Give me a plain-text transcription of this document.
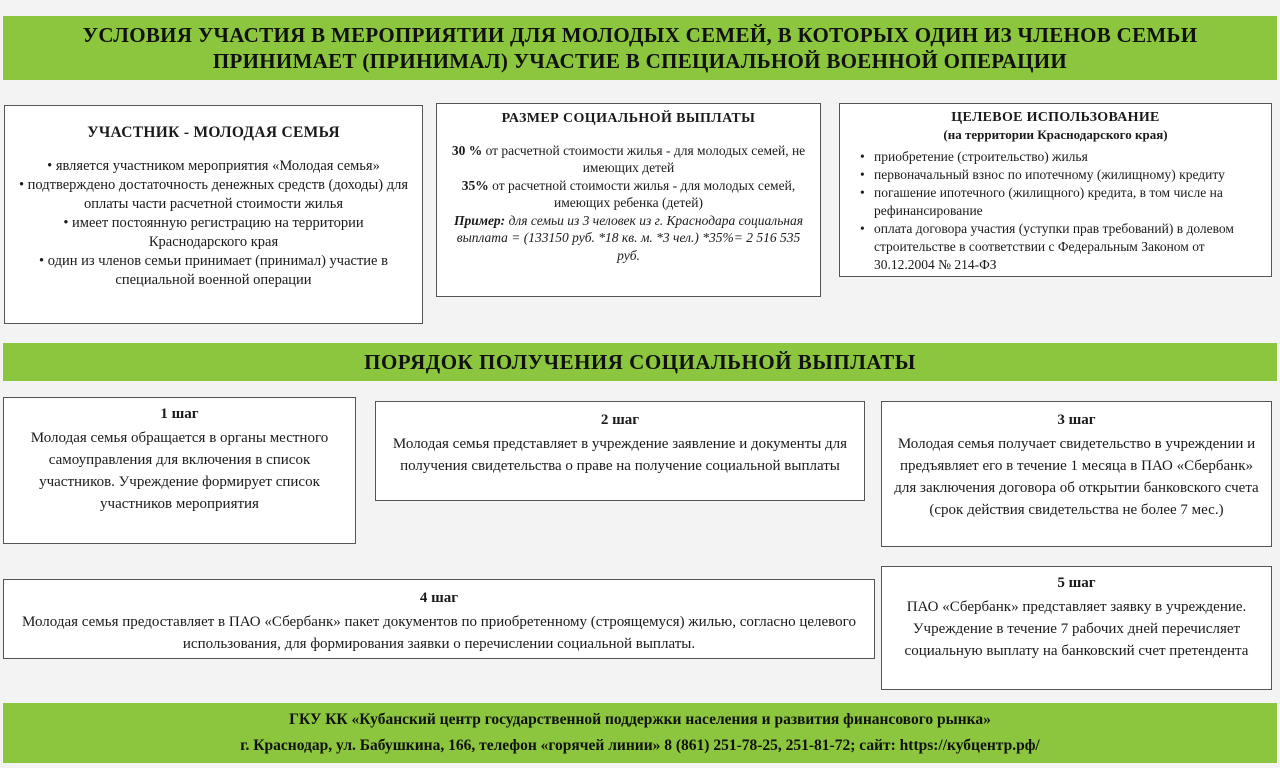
УСЛОВИЯ УЧАСТИЯ В МЕРОПРИЯТИИ ДЛЯ МОЛОДЫХ СЕМЕЙ, В КОТОРЫХ ОДИН ИЗ ЧЛЕНОВ СЕМЬИ
ПРИНИМАЕТ (ПРИНИМАЛ) УЧАСТИЕ В СПЕЦИАЛЬНОЙ ВОЕННОЙ ОПЕРАЦИИ
УЧАСТНИК - МОЛОДАЯ СЕМЬЯ
• является участником мероприятия «Молодая семья»
• подтверждено достаточность денежных средств (доходы) для оплаты части расчетной стоимости жилья
• имеет постоянную регистрацию на территории Краснодарского края
• один из членов семьи принимает (принимал) участие в специальной военной операции
РАЗМЕР СОЦИАЛЬНОЙ ВЫПЛАТЫ
30 % от расчетной стоимости жилья - для молодых семей, не имеющих детей
35% от расчетной стоимости жилья - для молодых семей, имеющих ребенка (детей)
Пример: для семьи из 3 человек из г. Краснодара социальная выплата = (133150 руб. *18 кв. м. *3 чел.) *35%= 2 516 535 руб.
ЦЕЛЕВОЕ ИСПОЛЬЗОВАНИЕ
(на территории Краснодарского края)
• приобретение (строительство) жилья
• первоначальный взнос по ипотечному (жилищному) кредиту
• погашение ипотечного (жилищного) кредита, в том числе на рефинансирование
• оплата договора участия (уступки прав требований) в долевом строительстве в соответствии с Федеральным Законом от 30.12.2004 № 214-ФЗ
ПОРЯДОК ПОЛУЧЕНИЯ СОЦИАЛЬНОЙ ВЫПЛАТЫ
1 шаг
Молодая семья обращается в органы местного самоуправления для включения в список участников. Учреждение формирует список участников мероприятия
2 шаг
Молодая семья представляет в учреждение заявление и документы для получения свидетельства о праве на получение социальной выплаты
3 шаг
Молодая семья получает свидетельство в учреждении и предъявляет его в течение 1 месяца в ПАО «Сбербанк» для заключения договора об открытии банковского счета (срок действия свидетельства не более 7 мес.)
4 шаг
Молодая семья предоставляет в ПАО «Сбербанк» пакет документов по приобретенному (строящемуся) жилью, согласно целевого использования, для формирования заявки о перечислении социальной выплаты.
5 шаг
ПАО «Сбербанк» представляет заявку в учреждение. Учреждение в течение 7 рабочих дней перечисляет социальную выплату на банковский счет претендента
ГКУ КК «Кубанский центр государственной поддержки населения и развития финансового рынка»
г. Краснодар, ул. Бабушкина, 166, телефон «горячей линии» 8 (861) 251-78-25, 251-81-72; сайт: https://кубцентр.рф/
